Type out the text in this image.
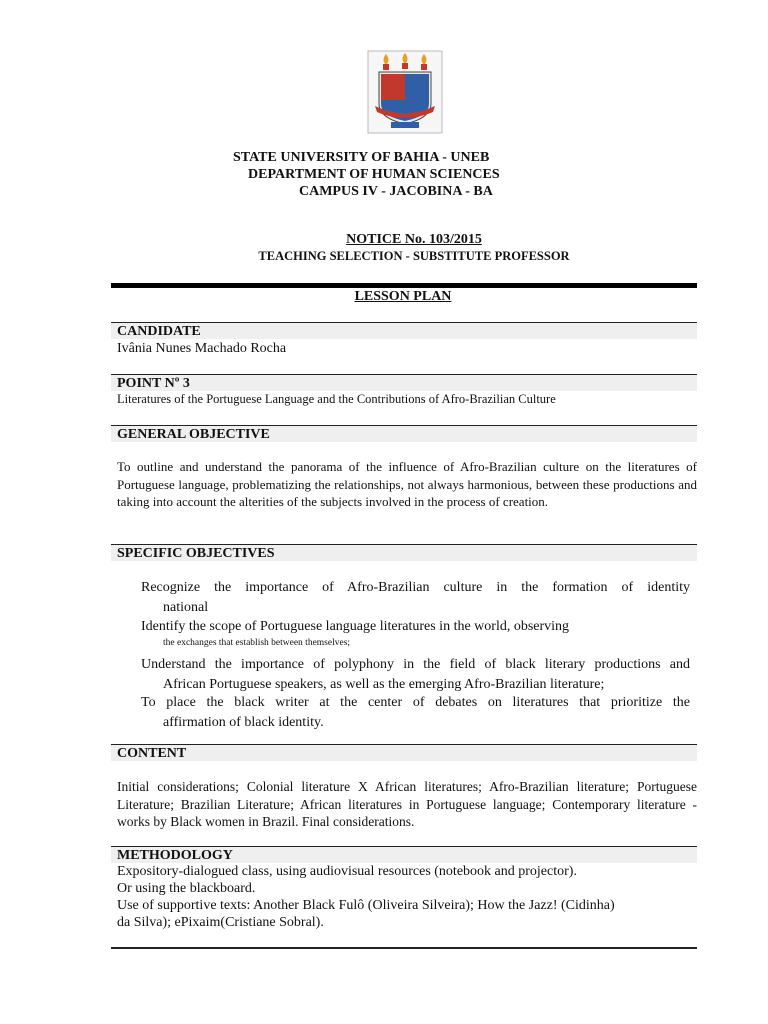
STATE UNIVERSITY OF BAHIA - UNEB
DEPARTMENT OF HUMAN SCIENCES
CAMPUS IV - JACOBINA - BA
NOTICE No. 103/2015
TEACHING SELECTION - SUBSTITUTE PROFESSOR
LESSON PLAN
CANDIDATE
Ivânia Nunes Machado Rocha
POINT Nº 3
Literatures of the Portuguese Language and the Contributions of Afro-Brazilian Culture
GENERAL OBJECTIVE
To outline and understand the panorama of the influence of Afro-Brazilian culture on the literatures of Portuguese language, problematizing the relationships, not always harmonious, between these productions and taking into account the alterities of the subjects involved in the process of creation.
SPECIFIC OBJECTIVES
Recognize the importance of Afro-Brazilian culture in the formation of identity
national
Identify the scope of Portuguese language literatures in the world, observing
the exchanges that establish between themselves;
Understand the importance of polyphony in the field of black literary productions and
African Portuguese speakers, as well as the emerging Afro-Brazilian literature;
To place the black writer at the center of debates on literatures that prioritize the
affirmation of black identity.
CONTENT
Initial considerations; Colonial literature X African literatures; Afro-Brazilian literature; Portuguese Literature; Brazilian Literature; African literatures in Portuguese language; Contemporary literature - works by Black women in Brazil. Final considerations.
METHODOLOGY
Expository-dialogued class, using audiovisual resources (notebook and projector).
Or using the blackboard.
Use of supportive texts: Another Black Fulô (Oliveira Silveira); How the Jazz! (Cidinha)
da Silva); ePixaim(Cristiane Sobral).
